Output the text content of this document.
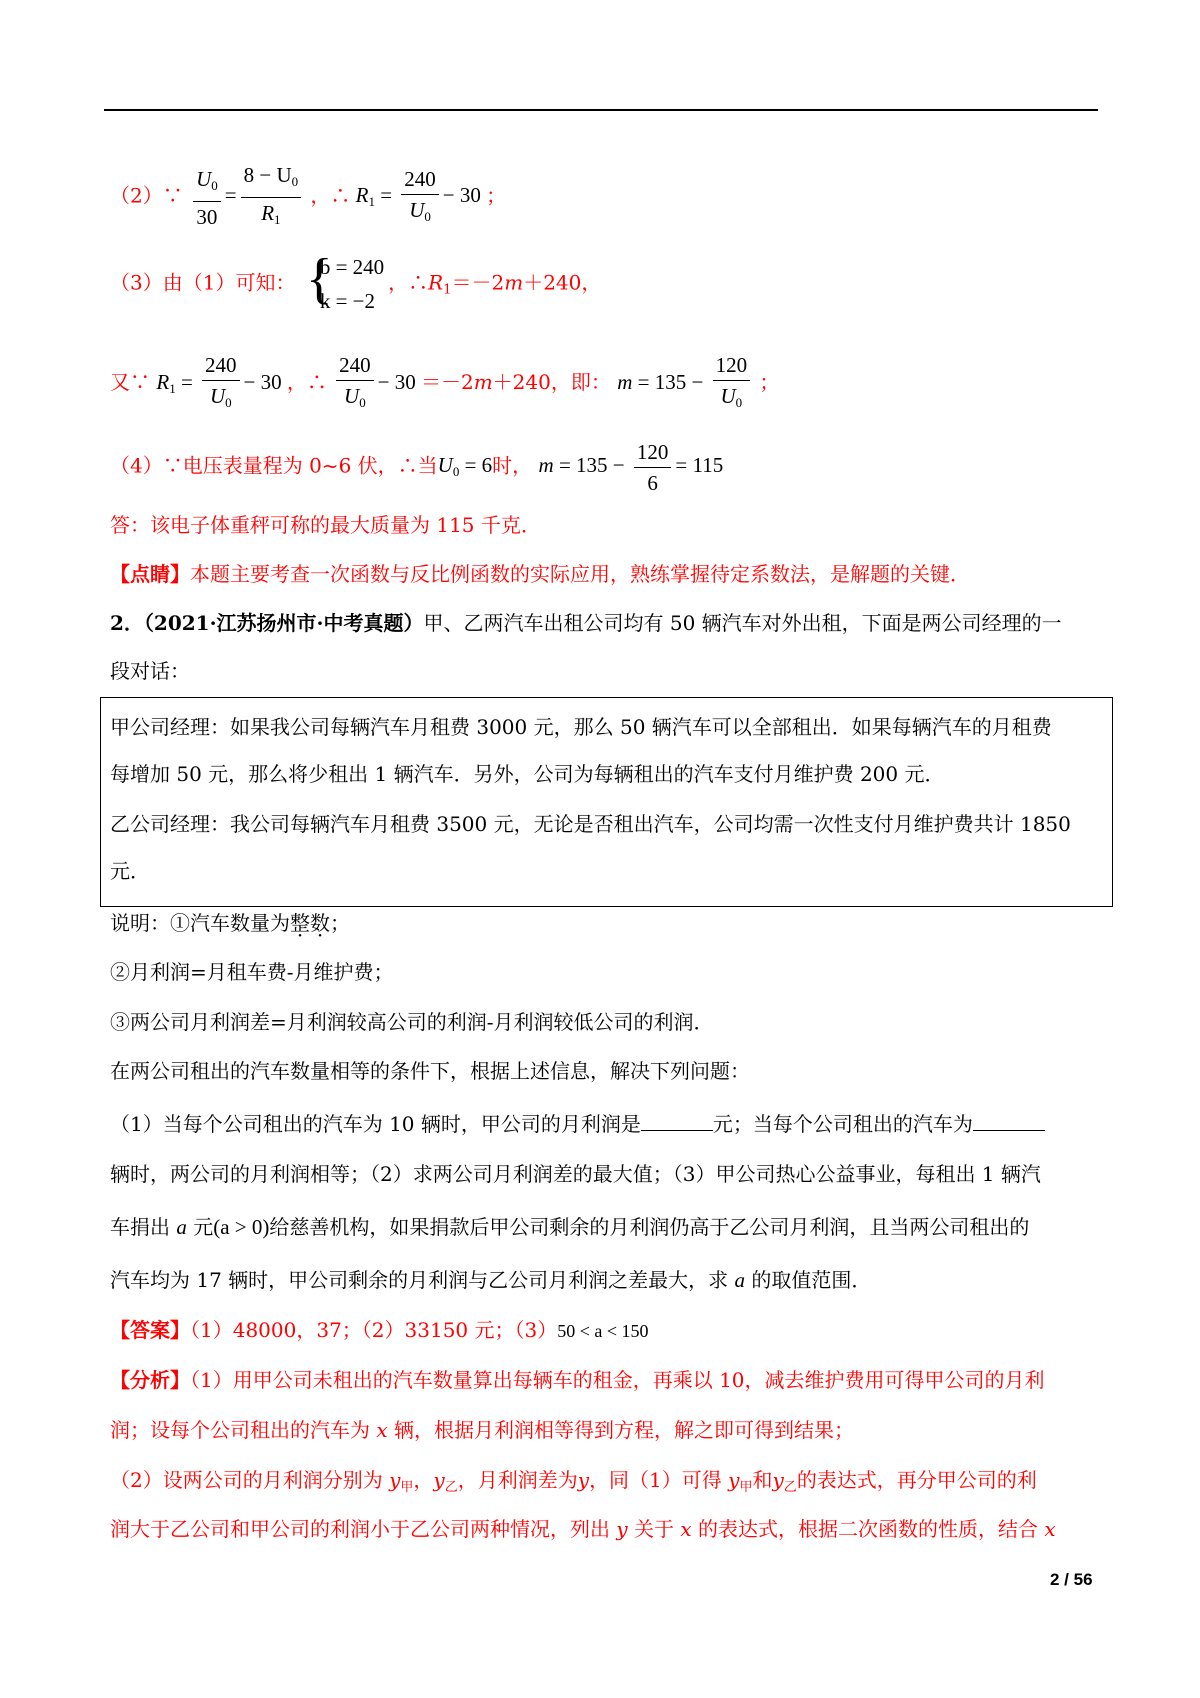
（2）∵ $\frac{U_0}{30} = \frac{8 - U_0}{R_1}$ ，∴ $R_1 = \frac{240}{U_0} - 30$ ；
（3）由（1）可知： {
b = 240
k = −2
，$\therefore R_1=-2m+240$，
又∵ $R_1 = \frac{240}{U_0} - 30$ ，∴ $\frac{240}{U_0} - 30 =-2m+240$，即： $m = 135 - \frac{120}{U_0}$ ；
（4）∵电压表量程为 0~6 伏，∴当$U_0 = 6$时， $m = 135 - \frac{120}{6} = 115$
答：该电子体重秤可称的最大质量为 115 千克．
【点睛】本题主要考查一次函数与反比例函数的实际应用，熟练掌握待定系数法，是解题的关键．
2．（2021·江苏扬州市·中考真题）甲、乙两汽车出租公司均有 50 辆汽车对外出租，下面是两公司经理的一
段对话：
甲公司经理：如果我公司每辆汽车月租费 3000 元，那么 50 辆汽车可以全部租出．如果每辆汽车的月租费
每增加 50 元，那么将少租出 1 辆汽车．另外，公司为每辆租出的汽车支付月维护费 200 元．
乙公司经理：我公司每辆汽车月租费 3500 元，无论是否租出汽车，公司均需一次性支付月维护费共计 1850
元．
说明：①汽车数量为整数；
②月利润=月租车费-月维护费；
③两公司月利润差=月利润较高公司的利润-月利润较低公司的利润．
在两公司租出的汽车数量相等的条件下，根据上述信息，解决下列问题：
（1）当每个公司租出的汽车为 10 辆时，甲公司的月利润是	元；当每个公司租出的汽车为
辆时，两公司的月利润相等；（2）求两公司月利润差的最大值；（3）甲公司热心公益事业，每租出 1 辆汽
车捐出 a 元(a > 0)给慈善机构，如果捐款后甲公司剩余的月利润仍高于乙公司月利润，且当两公司租出的
汽车均为 17 辆时，甲公司剩余的月利润与乙公司月利润之差最大，求 a 的取值范围．
【答案】（1）48000，37；（2）33150 元；（3）50 < a < 150
【分析】（1）用甲公司未租出的汽车数量算出每辆车的租金，再乘以 10，减去维护费用可得甲公司的月利
润；设每个公司租出的汽车为 x 辆，根据月利润相等得到方程，解之即可得到结果；
（2）设两公司的月利润分别为 $y_甲$，$y_乙$，月利润差为y，同（1）可得 $y_甲$和$y_乙$的表达式，再分甲公司的利
润大于乙公司和甲公司的利润小于乙公司两种情况，列出 y 关于 x 的表达式，根据二次函数的性质，结合 x
2 / 56
